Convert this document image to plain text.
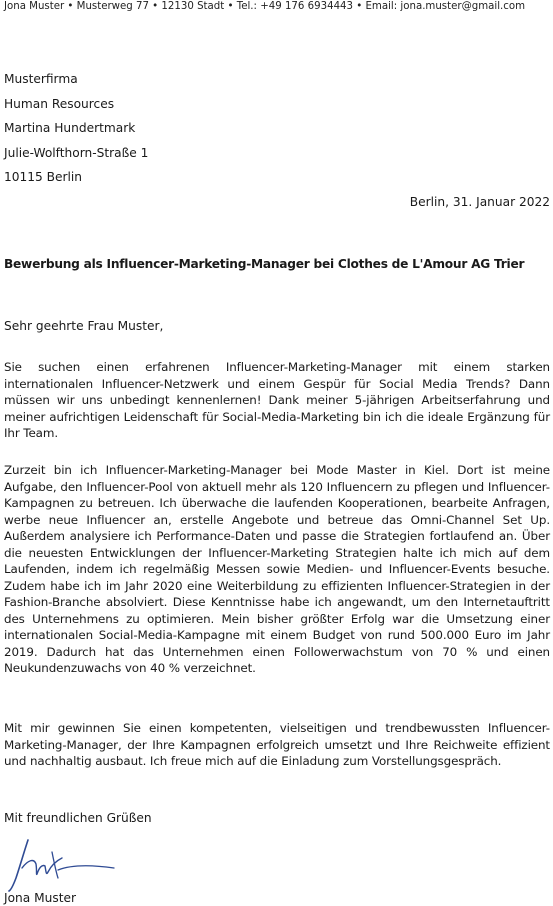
Jona Muster • Musterweg 77 • 12130 Stadt • Tel.: +49 176 6934443 • Email: jona.muster@gmail.com
Musterfirma
Human Resources
Martina Hundertmark
Julie-Wolfthorn-Straße 1
10115 Berlin
Berlin, 31. Januar 2022
Bewerbung als Influencer-Marketing-Manager bei Clothes de L'Amour AG Trier
Sehr geehrte Frau Muster,
Sie suchen einen erfahrenen Influencer-Marketing-Manager mit einem starken internationalen Influencer-Netzwerk und einem Gespür für Social Media Trends? Dann müssen wir uns unbedingt kennenlernen! Dank meiner 5-jährigen Arbeitserfahrung und meiner aufrichtigen Leidenschaft für Social-Media-Marketing bin ich die ideale Ergänzung für Ihr Team.
Zurzeit bin ich Influencer-Marketing-Manager bei Mode Master in Kiel. Dort ist meine Aufgabe, den Influencer-Pool von aktuell mehr als 120 Influencern zu pflegen und Influencer-Kampagnen zu betreuen. Ich überwache die laufenden Kooperationen, bearbeite Anfragen, werbe neue Influencer an, erstelle Angebote und betreue das Omni-Channel Set Up. Außerdem analysiere ich Performance-Daten und passe die Strategien fortlaufend an. Über die neuesten Entwicklungen der Influencer-Marketing Strategien halte ich mich auf dem Laufenden, indem ich regelmäßig Messen sowie Medien- und Influencer-Events besuche. Zudem habe ich im Jahr 2020 eine Weiterbildung zu effizienten Influencer-Strategien in der Fashion-Branche absolviert. Diese Kenntnisse habe ich angewandt, um den Internetauftritt des Unternehmens zu optimieren. Mein bisher größter Erfolg war die Umsetzung einer internationalen Social-Media-Kampagne mit einem Budget von rund 500.000 Euro im Jahr 2019. Dadurch hat das Unternehmen einen Followerwachstum von 70 % und einen Neukundenzuwachs von 40 % verzeichnet.
Mit mir gewinnen Sie einen kompetenten, vielseitigen und trendbewussten Influencer-Marketing-Manager, der Ihre Kampagnen erfolgreich umsetzt und Ihre Reichweite effizient und nachhaltig ausbaut. Ich freue mich auf die Einladung zum Vorstellungsgespräch.
Mit freundlichen Grüßen
Jona Muster
